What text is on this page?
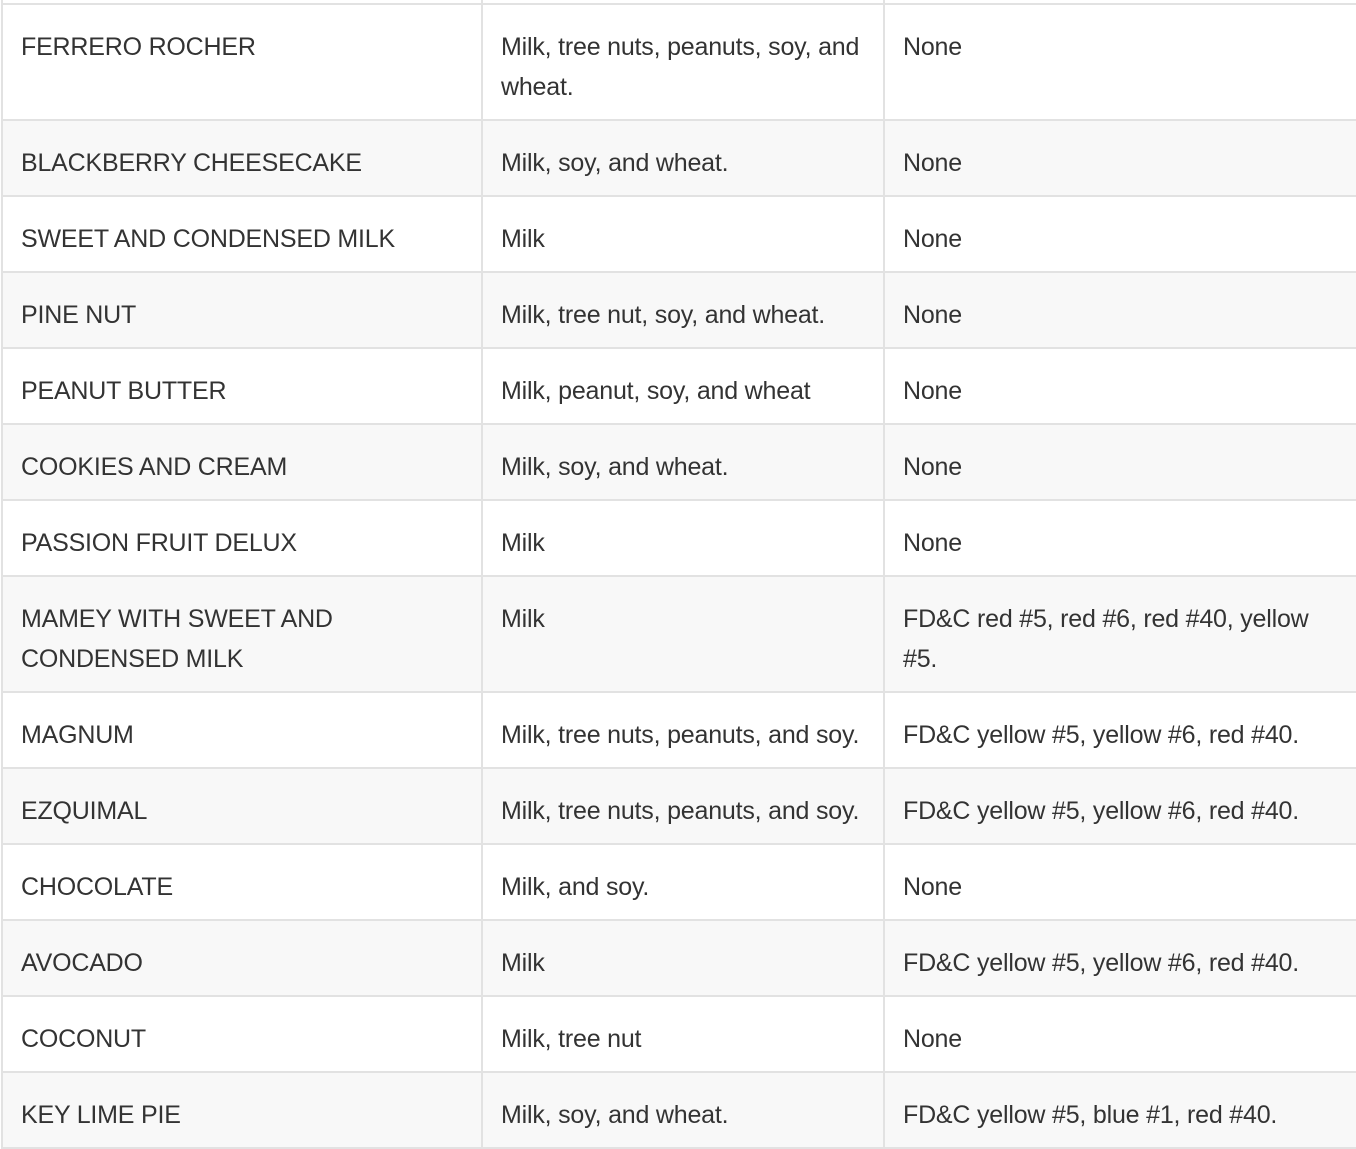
FERRERO ROCHER	Milk, tree nuts, peanuts, soy, and wheat.	None
BLACKBERRY CHEESECAKE	Milk, soy, and wheat.	None
SWEET AND CONDENSED MILK	Milk	None
PINE NUT	Milk, tree nut, soy, and wheat.	None
PEANUT BUTTER	Milk, peanut, soy, and wheat	None
COOKIES AND CREAM	Milk, soy, and wheat.	None
PASSION FRUIT DELUX	Milk	None
MAMEY WITH SWEET AND CONDENSED MILK	Milk	FD&C red #5, red #6, red #40, yellow #5.
MAGNUM	Milk, tree nuts, peanuts, and soy.	FD&C yellow #5, yellow #6, red #40.
EZQUIMAL	Milk, tree nuts, peanuts, and soy.	FD&C yellow #5, yellow #6, red #40.
CHOCOLATE	Milk, and soy.	None
AVOCADO	Milk	FD&C yellow #5, yellow #6, red #40.
COCONUT	Milk, tree nut	None
KEY LIME PIE	Milk, soy, and wheat.	FD&C yellow #5, blue #1, red #40.
